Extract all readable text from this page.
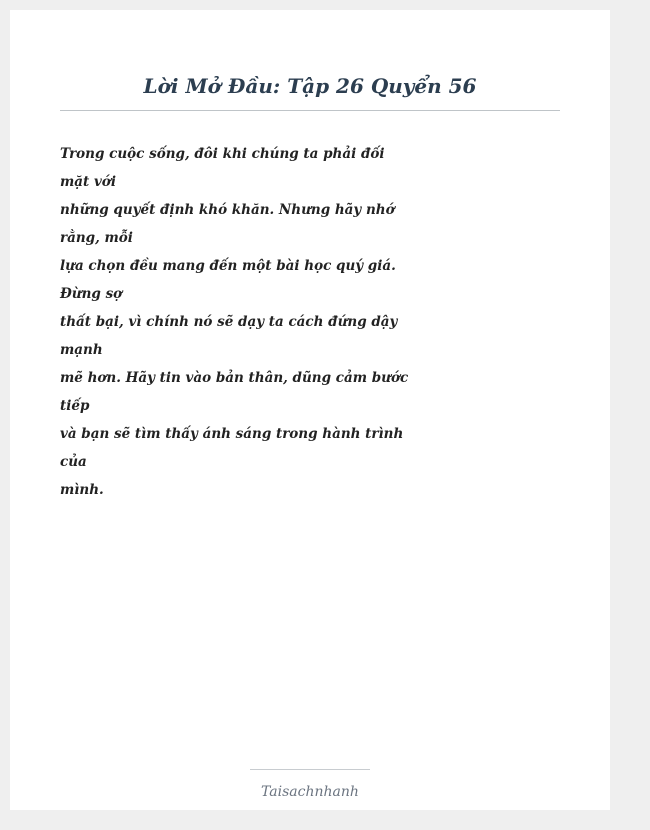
Lời Mở Đầu: Tập 26 Quyển 56

Trong cuộc sống, đôi khi chúng ta phải đối
mặt với
những quyết định khó khăn. Nhưng hãy nhớ
rằng, mỗi
lựa chọn đều mang đến một bài học quý giá.
Đừng sợ
thất bại, vì chính nó sẽ dạy ta cách đứng dậy
mạnh
mẽ hơn. Hãy tin vào bản thân, dũng cảm bước
tiếp
và bạn sẽ tìm thấy ánh sáng trong hành trình
của
mình.

Taisachnhanh
